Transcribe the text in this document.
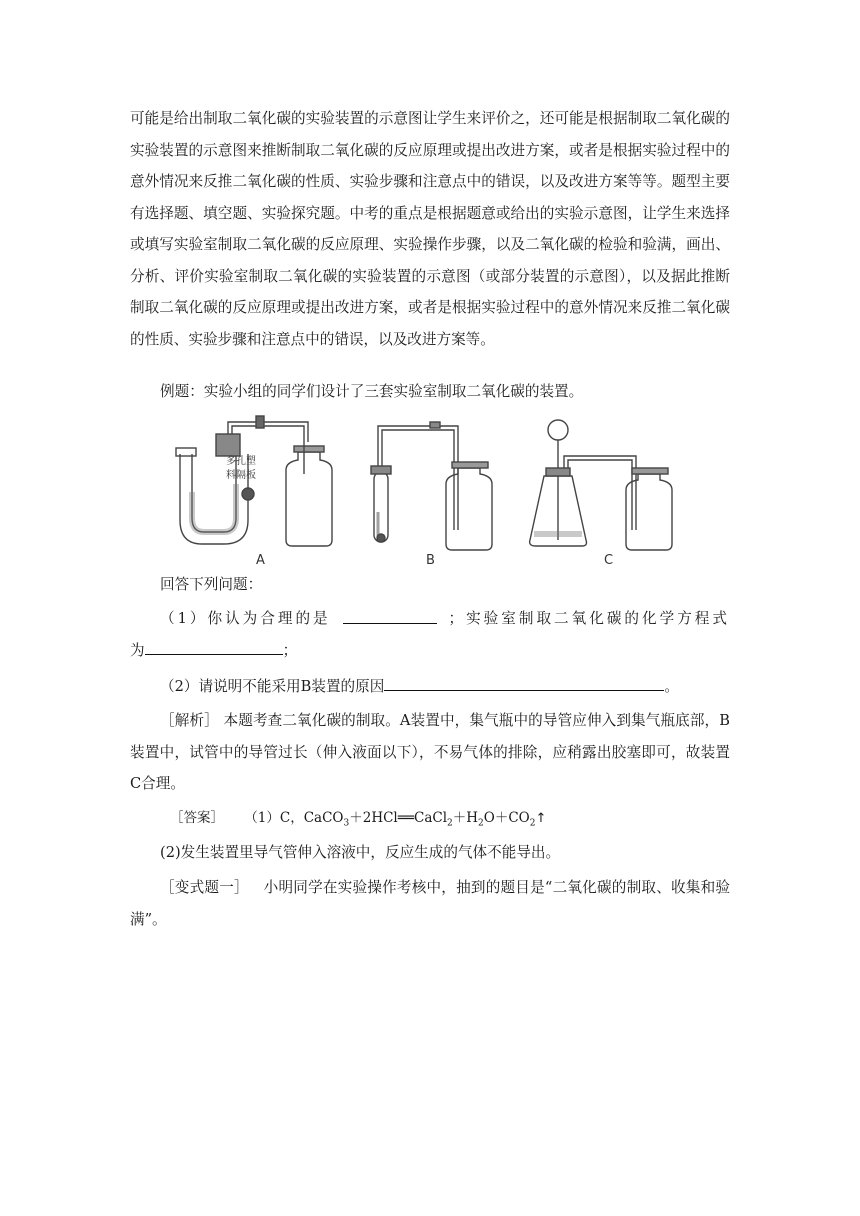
可能是给出制取二氧化碳的实验装置的示意图让学生来评价之，还可能是根据制取二氧化碳的实验装置的示意图来推断制取二氧化碳的反应原理或提出改进方案，或者是根据实验过程中的意外情况来反推二氧化碳的性质、实验步骤和注意点中的错误，以及改进方案等等。题型主要有选择题、填空题、实验探究题。中考的重点是根据题意或给出的实验示意图，让学生来选择或填写实验室制取二氧化碳的反应原理、实验操作步骤，以及二氧化碳的检验和验满，画出、分析、评价实验室制取二氧化碳的实验装置的示意图（或部分装置的示意图），以及据此推断制取二氧化碳的反应原理或提出改进方案，或者是根据实验过程中的意外情况来反推二氧化碳的性质、实验步骤和注意点中的错误，以及改进方案等。

例题：实验小组的同学们设计了三套实验室制取二氧化碳的装置。
多孔塑
料隔板
A	B	C
回答下列问题：
（1）你认为合理的是	；实验室制取二氧化碳的化学方程式
为	；
（2）请说明不能采用B装置的原因	。

［解析］ 本题考查二氧化碳的制取。A装置中，集气瓶中的导管应伸入到集气瓶底部，B装置中，试管中的导管过长（伸入液面以下），不易气体的排除，应稍露出胶塞即可，故装置C合理。

［答案］ （1）C，$CaCO_3+2HCl══CaCl_2+H_2O+CO_2↑$
(2)发生装置里导气管伸入溶液中，反应生成的气体不能导出。

［变式题一］ 小明同学在实验操作考核中，抽到的题目是“二氧化碳的制取、收集和验满”。
